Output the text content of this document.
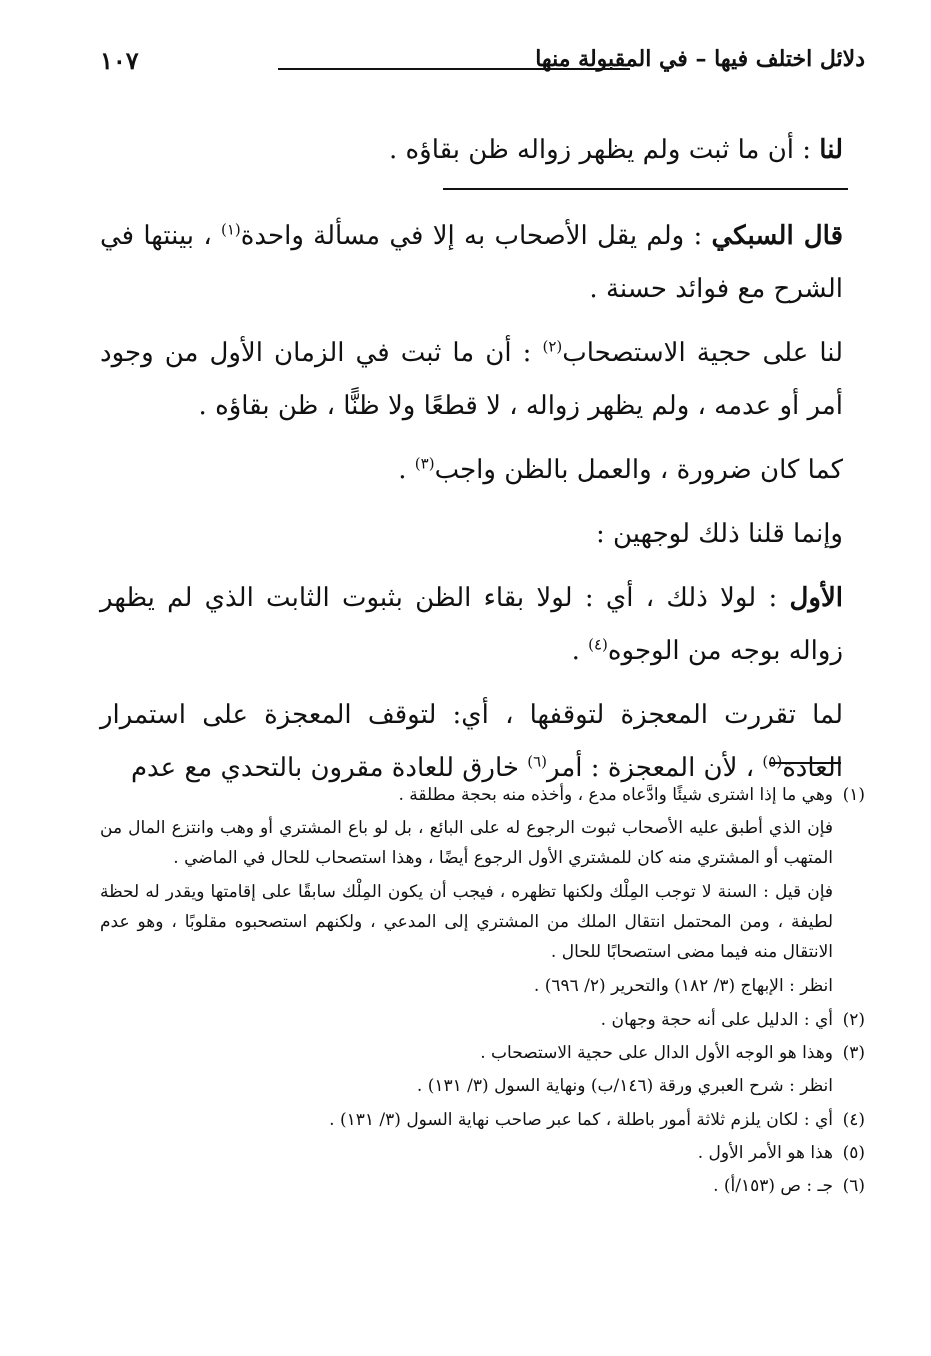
دلائل اختلف فيها – في المقبولة منها
١٠٧

لنا : أن ما ثبت ولم يظهر زواله ظن بقاؤه .

قال السبكي : ولم يقل الأصحاب به إلا في مسألة واحدة$^{(١)}$ ، بينتها في الشرح مع فوائد حسنة .

لنا على حجية الاستصحاب$^{(٢)}$ : أن ما ثبت في الزمان الأول من وجود أمر أو عدمه ، ولم يظهر زواله ، لا قطعًا ولا ظنًّا ، ظن بقاؤه .

كما كان ضرورة ، والعمل بالظن واجب$^{(٣)}$ .

وإنما قلنا ذلك لوجهين :

الأول : لولا ذلك ، أي : لولا بقاء الظن بثبوت الثابت الذي لم يظهر زواله بوجه من الوجوه$^{(٤)}$ .

لما تقررت المعجزة لتوقفها ، أي: لتوقف المعجزة على استمرار العادة$^{(٥)}$ ، لأن المعجزة : أمر$^{(٦)}$ خارق للعادة مقرون بالتحدي مع عدم

(١)وهي ما إذا اشترى شيئًا وادَّعاه مدع ، وأخذه منه بحجة مطلقة .

فإن الذي أطبق عليه الأصحاب ثبوت الرجوع له على البائع ، بل لو باع المشتري أو وهب وانتزع المال من المتهب أو المشتري منه كان للمشتري الأول الرجوع أيضًا ، وهذا استصحاب للحال في الماضي .

فإن قيل : السنة لا توجب المِلْك ولكنها تظهره ، فيجب أن يكون المِلْك سابقًا على إقامتها ويقدر له لحظة لطيفة ، ومن المحتمل انتقال الملك من المشتري إلى المدعي ، ولكنهم استصحبوه مقلوبًا ، وهو عدم الانتقال منه فيما مضى استصحابًا للحال .

انظر : الإبهاج (٣/ ١٨٢) والتحرير (٢/ ٦٩٦) .

(٢)أي : الدليل على أنه حجة وجهان .

(٣)وهذا هو الوجه الأول الدال على حجية الاستصحاب .

انظر : شرح العبري ورقة (١٤٦/ب) ونهاية السول (٣/ ١٣١) .

(٤)أي : لكان يلزم ثلاثة أمور باطلة ، كما عبر صاحب نهاية السول (٣/ ١٣١) .

(٥)هذا هو الأمر الأول .

(٦)جـ : ص (١٥٣/أ) .
